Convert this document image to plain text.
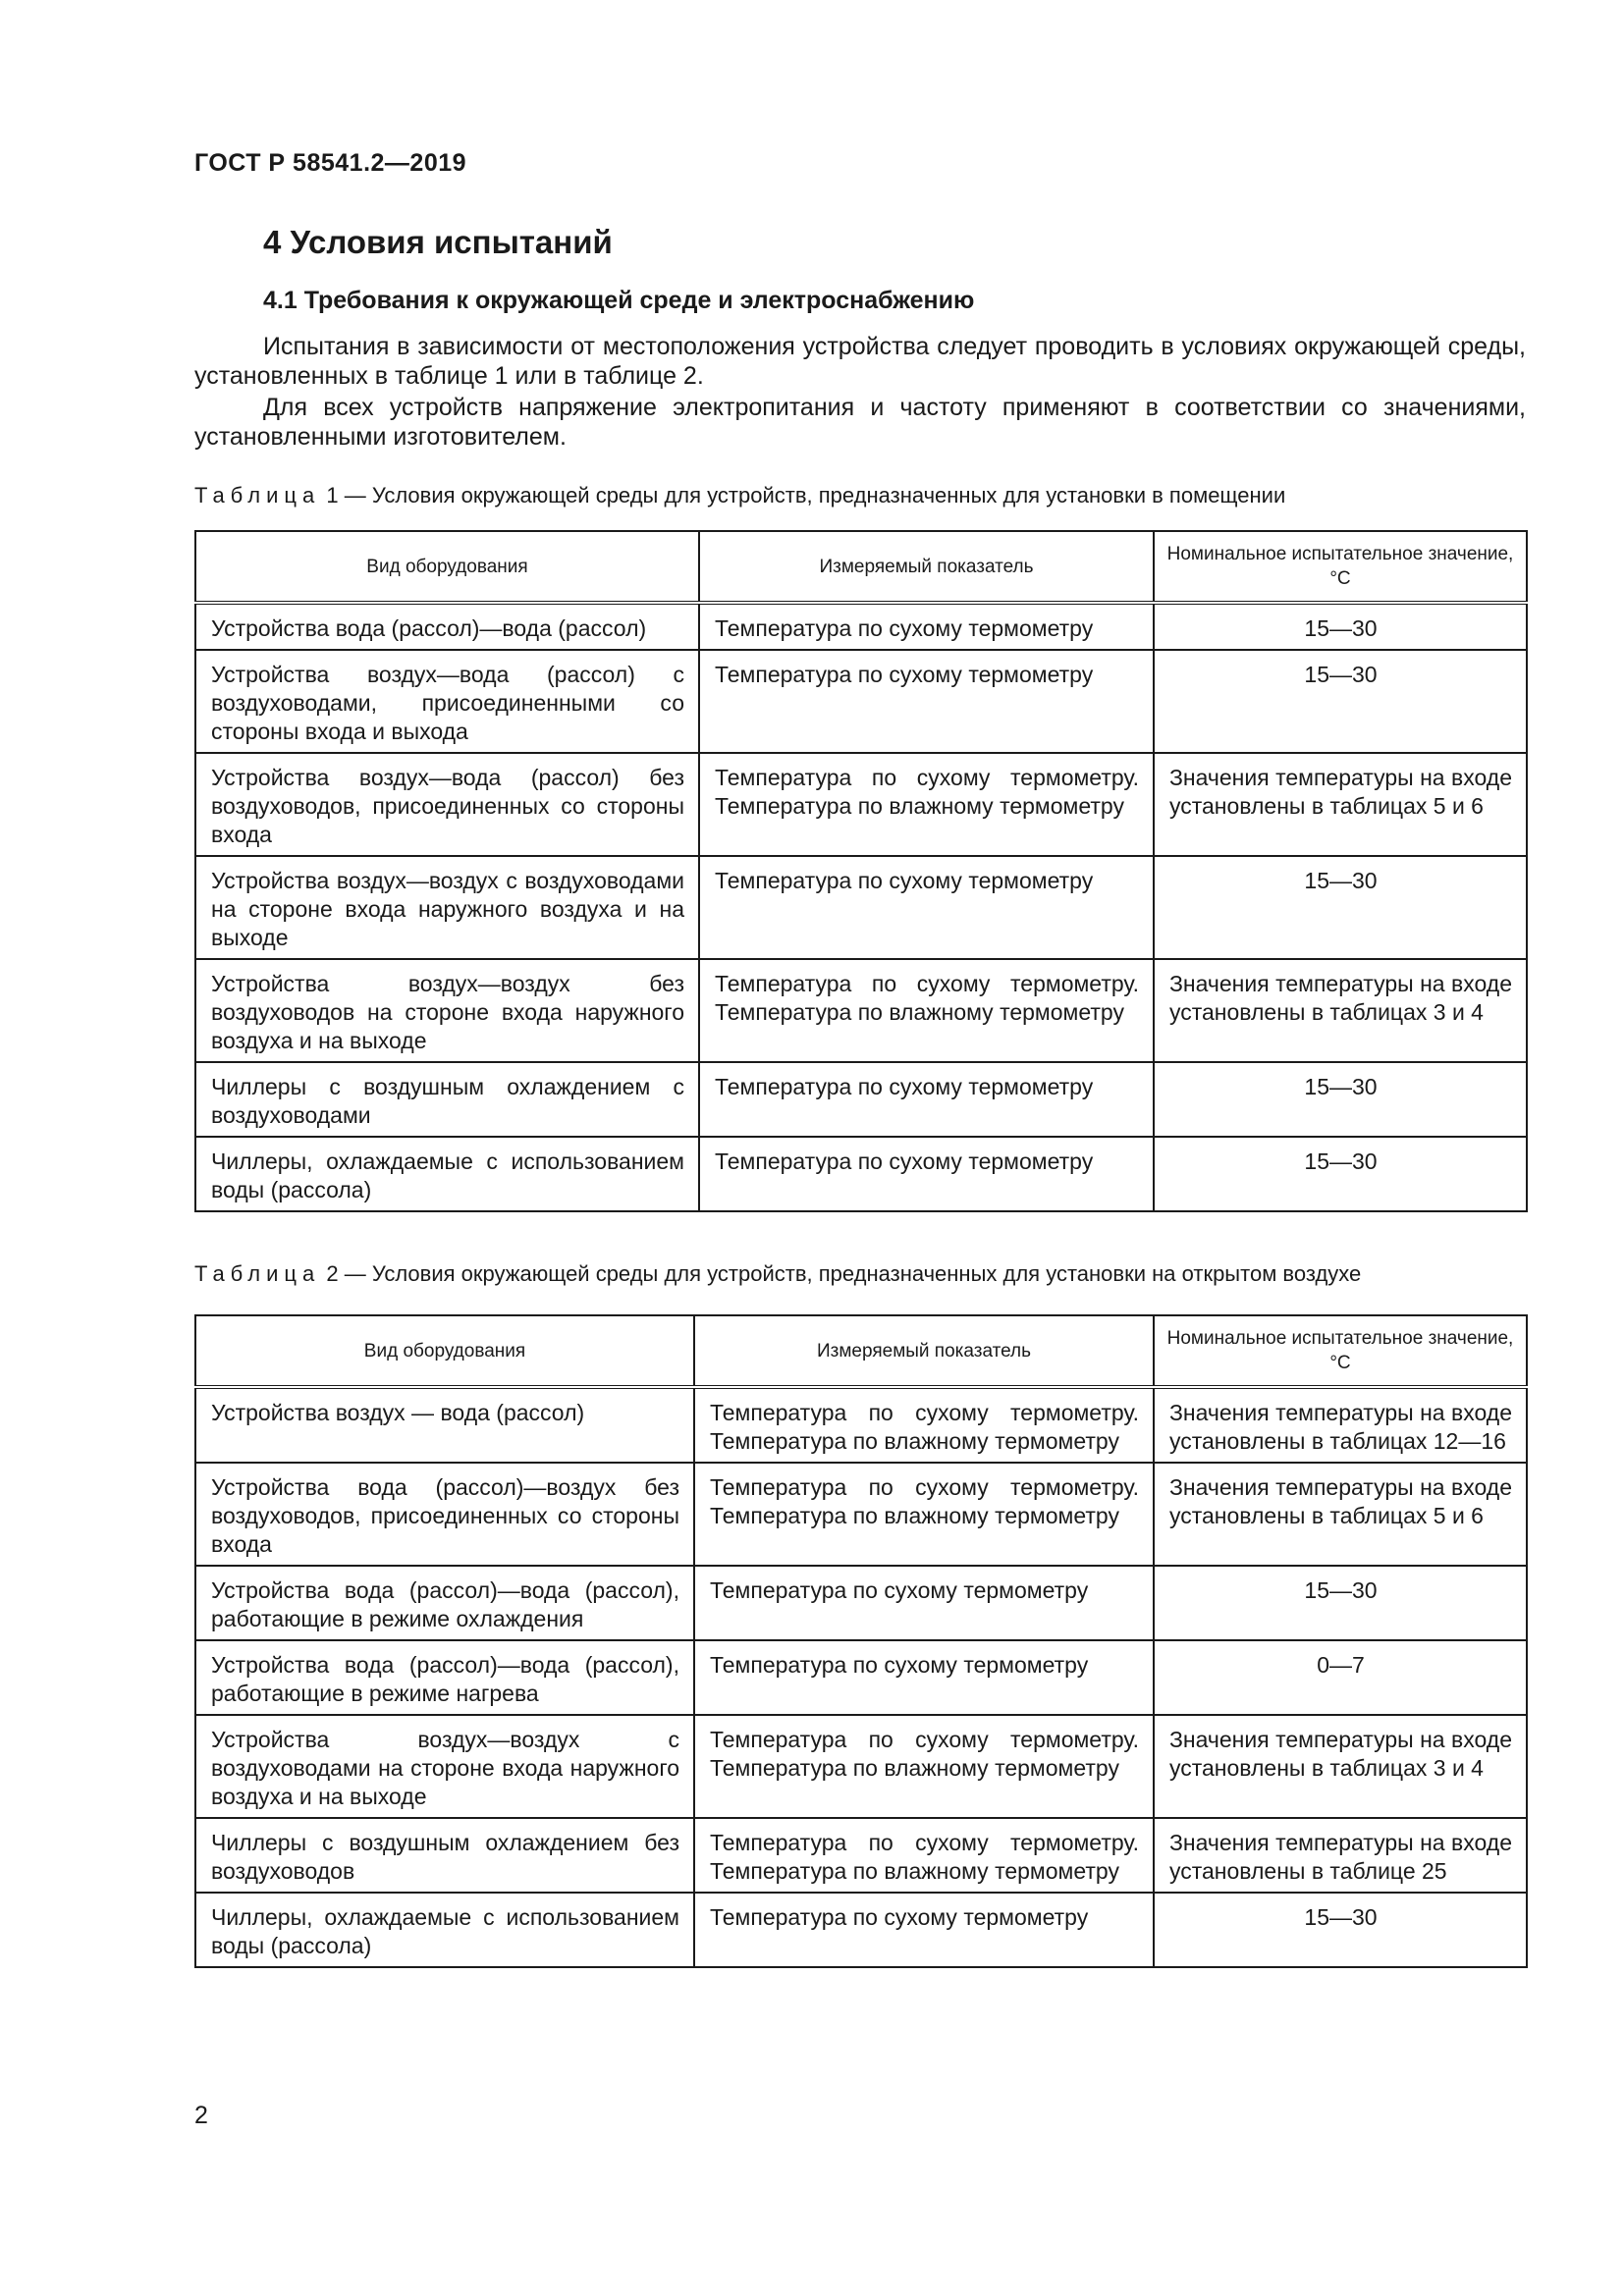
ГОСТ Р 58541.2—2019
4 Условия испытаний
4.1 Требования к окружающей среде и электроснабжению
Испытания в зависимости от местоположения устройства следует проводить в условиях окружающей среды, установленных в таблице 1 или в таблице 2.
Для всех устройств напряжение электропитания и частоту применяют в соответствии со значениями, установленными изготовителем.
Таблица 1 — Условия окружающей среды для устройств, предназначенных для установки в помещении
Вид оборудования	Измеряемый показатель	Номинальное испытательное значение, °С
Устройства вода (рассол)—вода (рассол)	Температура по сухому термометру	15—30
Устройства воздух—вода (рассол) с воздуховодами, присоединенными со стороны входа и выхода	Температура по сухому термометру	15—30
Устройства воздух—вода (рассол) без воздуховодов, присоединенных со стороны входа	Температура по сухому термометру. Температура по влажному термометру	Значения температуры на входе установлены в таблицах 5 и 6
Устройства воздух—воздух с воздуховодами на стороне входа наружного воздуха и на выходе	Температура по сухому термометру	15—30
Устройства воздух—воздух без воздуховодов на стороне входа наружного воздуха и на выходе	Температура по сухому термометру. Температура по влажному термометру	Значения температуры на входе установлены в таблицах 3 и 4
Чиллеры с воздушным охлаждением с воздуховодами	Температура по сухому термометру	15—30
Чиллеры, охлаждаемые с использованием воды (рассола)	Температура по сухому термометру	15—30
Таблица 2 — Условия окружающей среды для устройств, предназначенных для установки на открытом воздухе
Вид оборудования	Измеряемый показатель	Номинальное испытательное значение, °С
Устройства воздух — вода (рассол)	Температура по сухому термометру. Температура по влажному термометру	Значения температуры на входе установлены в таблицах 12—16
Устройства вода (рассол)—воздух без воздуховодов, присоединенных со стороны входа	Температура по сухому термометру. Температура по влажному термометру	Значения температуры на входе установлены в таблицах 5 и 6
Устройства вода (рассол)—вода (рассол), работающие в режиме охлаждения	Температура по сухому термометру	15—30
Устройства вода (рассол)—вода (рассол), работающие в режиме нагрева	Температура по сухому термометру	0—7
Устройства воздух—воздух с воздуховодами на стороне входа наружного воздуха и на выходе	Температура по сухому термометру. Температура по влажному термометру	Значения температуры на входе установлены в таблицах 3 и 4
Чиллеры с воздушным охлаждением без воздуховодов	Температура по сухому термометру. Температура по влажному термометру	Значения температуры на входе установлены в таблице 25
Чиллеры, охлаждаемые с использованием воды (рассола)	Температура по сухому термометру	15—30
2
